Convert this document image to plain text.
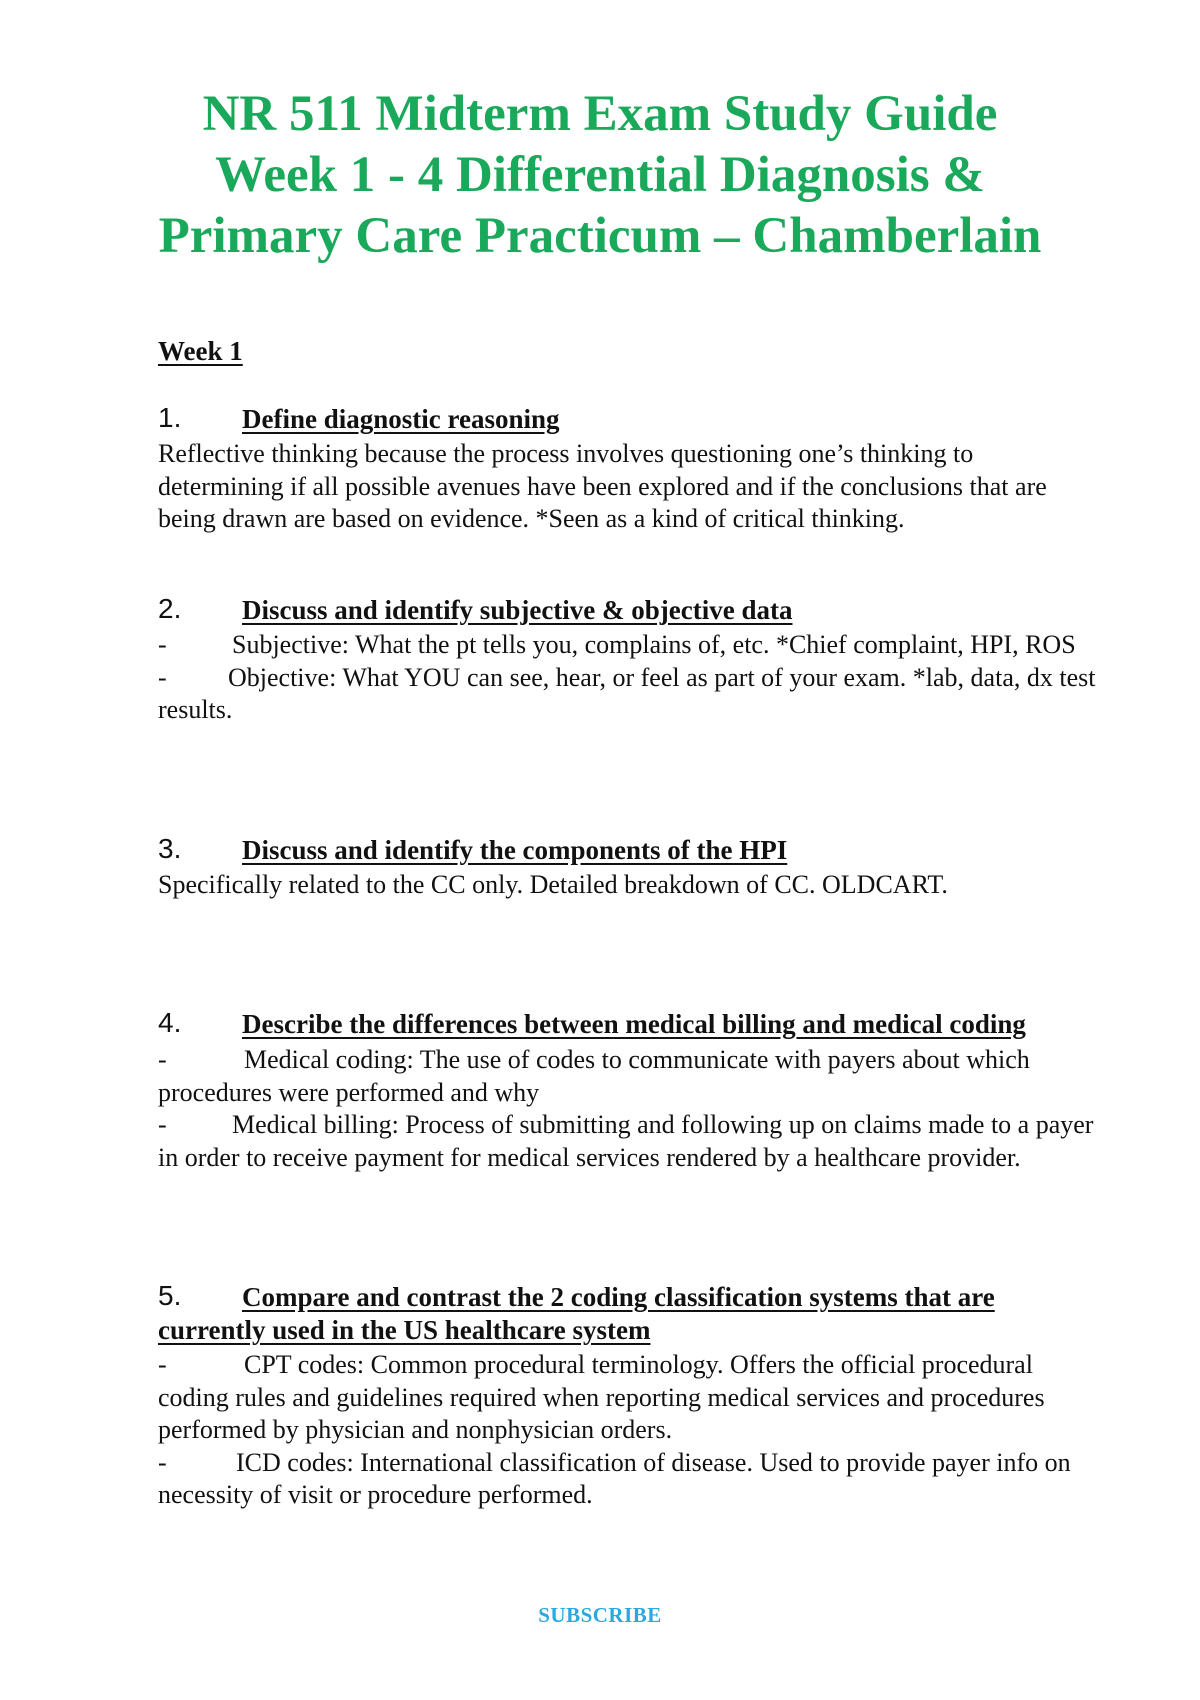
NR 511 Midterm Exam Study Guide
Week 1 - 4 Differential Diagnosis &
Primary Care Practicum – Chamberlain
Week 1
1.	Define diagnostic reasoning

Reflective thinking because the process involves questioning one’s thinking to determining if all possible avenues have been explored and if the conclusions that are being drawn are based on evidence. *Seen as a kind of critical thinking.

2.	Discuss and identify subjective & objective data

-	Subjective: What the pt tells you, complains of, etc. *Chief complaint, HPI, ROS

- Objective: What YOU can see, hear, or feel as part of your exam. *lab, data, dx test results.

3.	Discuss and identify the components of the HPI

Specifically related to the CC only. Detailed breakdown of CC. OLDCART.

4.	Describe the differences between medical billing and medical coding

-	Medical coding: The use of codes to communicate with payers about which procedures were performed and why

-	Medical billing: Process of submitting and following up on claims made to a payer in order to receive payment for medical services rendered by a healthcare provider.

5.	Compare and contrast the 2 coding classification systems that are currently used in the US healthcare system

-	CPT codes: Common procedural terminology. Offers the official procedural coding rules and guidelines required when reporting medical services and procedures performed by physician and nonphysician orders.

-	ICD codes: International classification of disease. Used to provide payer info on necessity of visit or procedure performed.

SUBSCRIBE
